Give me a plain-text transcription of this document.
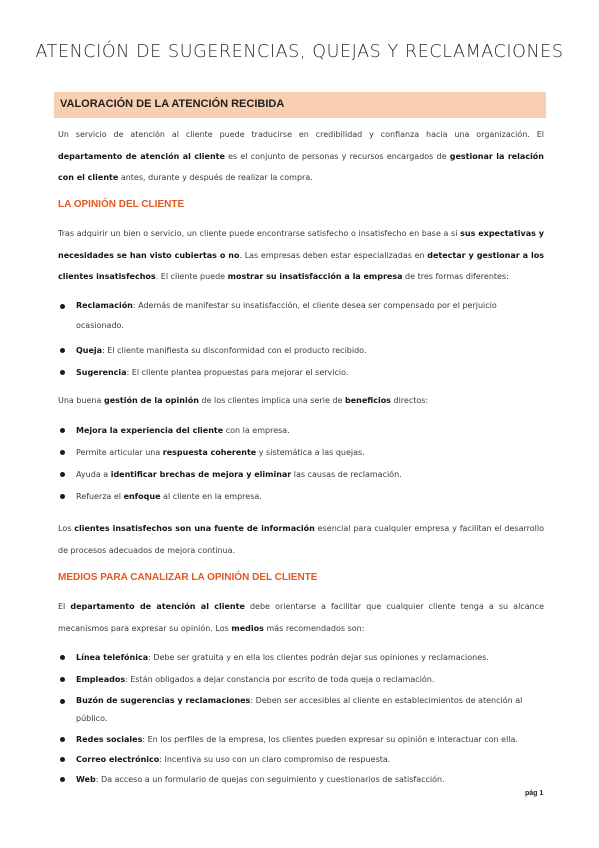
ATENCIÓN DE SUGERENCIAS, QUEJAS Y RECLAMACIONES
VALORACIÓN DE LA ATENCIÓN RECIBIDA
Un servicio de atención al cliente puede traducirse en credibilidad y confianza hacia una organización. El departamento de atención al cliente es el conjunto de personas y recursos encargados de gestionar la relación con el cliente antes, durante y después de realizar la compra.
LA OPINIÓN DEL CLIENTE
Tras adquirir un bien o servicio, un cliente puede encontrarse satisfecho o insatisfecho en base a si sus expectativas y necesidades se han visto cubiertas o no. Las empresas deben estar especializadas en detectar y gestionar a los clientes insatisfechos. El cliente puede mostrar su insatisfacción a la empresa de tres formas diferentes:
Reclamación: Además de manifestar su insatisfacción, el cliente desea ser compensado por el perjuicio ocasionado.
Queja: El cliente manifiesta su disconformidad con el producto recibido.
Sugerencia: El cliente plantea propuestas para mejorar el servicio.
Una buena gestión de la opinión de los clientes implica una serie de beneficios directos:
Mejora la experiencia del cliente con la empresa.
Permite articular una respuesta coherente y sistemática a las quejas.
Ayuda a identificar brechas de mejora y eliminar las causas de reclamación.
Refuerza el enfoque al cliente en la empresa.
Los clientes insatisfechos son una fuente de información esencial para cualquier empresa y facilitan el desarrollo de procesos adecuados de mejora continua.
MEDIOS PARA CANALIZAR LA OPINIÓN DEL CLIENTE
El departamento de atención al cliente debe orientarse a facilitar que cualquier cliente tenga a su alcance mecanismos para expresar su opinión. Los medios más recomendados son:
Línea telefónica: Debe ser gratuita y en ella los clientes podrán dejar sus opiniones y reclamaciones.
Empleados: Están obligados a dejar constancia por escrito de toda queja o reclamación.
Buzón de sugerencias y reclamaciones: Deben ser accesibles al cliente en establecimientos de atención al público.
Redes sociales: En los perfiles de la empresa, los clientes pueden expresar su opinión e interactuar con ella.
Correo electrónico: Incentiva su uso con un claro compromiso de respuesta.
Web: Da acceso a un formulario de quejas con seguimiento y cuestionarios de satisfacción.
pág 1
